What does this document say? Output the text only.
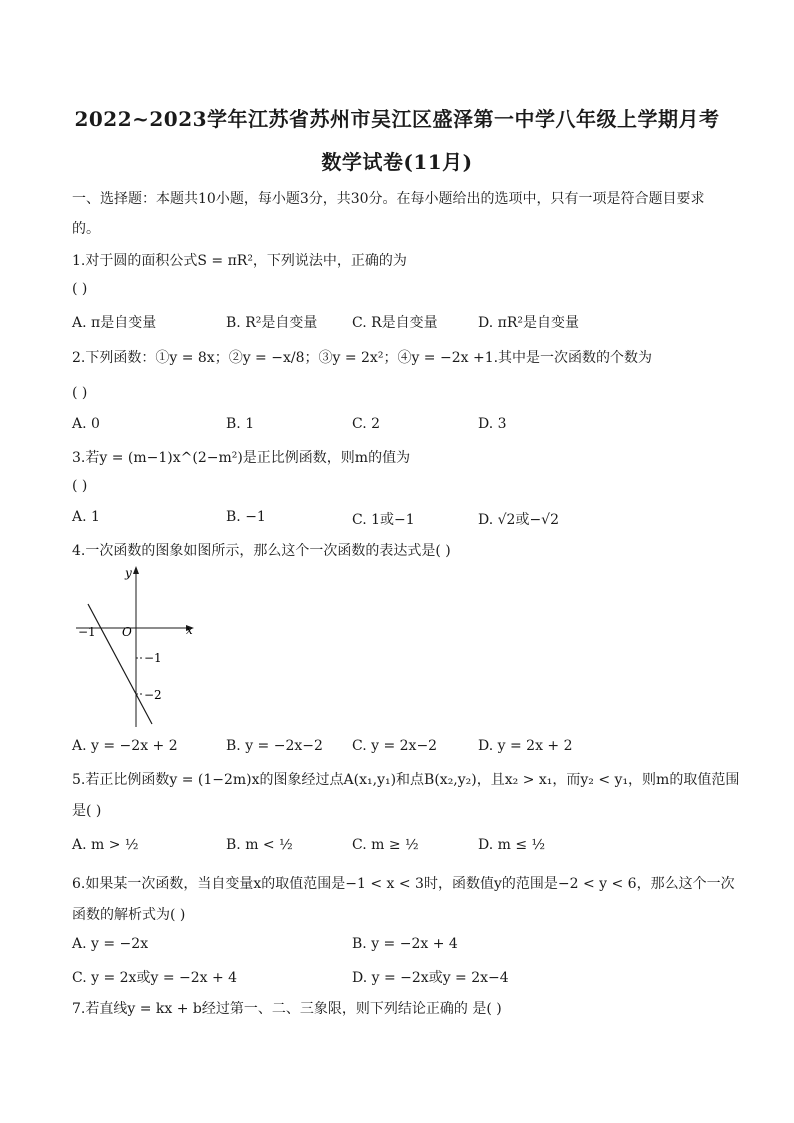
2022~2023学年江苏省苏州市吴江区盛泽第一中学八年级上学期月考
数学试卷(11月)
一、选择题：本题共10小题，每小题3分，共30分。在每小题给出的选项中，只有一项是符合题目要求
的。
1.对于圆的面积公式S = πR²，下列说法中，正确的为
( )
A. π是自变量	B. R²是自变量 C. R是自变量	D. πR²是自变量
2.下列函数：①y = 8x；②y = −x/8；③y = 2x²；④y = −2x +1.其中是一次函数的个数为
( )
A. 0	B. 1	C. 2	D. 3
3.若y = (m−1)x^(2−m²)是正比例函数，则m的值为
( )
A. 1	B. −1	C. 1或−1	D. √2或−√2
4.一次函数的图象如图所示，那么这个一次函数的表达式是( )
y
x
O
−1
−1
−2
A. y = −2x + 2	B. y = −2x−2 C. y = 2x−2	D. y = 2x + 2
5.若正比例函数y = (1−2m)x的图象经过点A(x₁,y₁)和点B(x₂,y₂)，且x₂ > x₁，而y₂ < y₁，则m的取值范围
是( )
A. m > ½	B. m < ½	C. m ≥ ½	D. m ≤ ½
6.如果某一次函数，当自变量x的取值范围是−1 < x < 3时，函数值y的范围是−2 < y < 6，那么这个一次
函数的解析式为( )
A. y = −2x	B. y = −2x + 4
C. y = 2x或y = −2x + 4	D. y = −2x或y = 2x−4
7.若直线y = kx + b经过第一、二、三象限，则下列结论正确的 是( )
